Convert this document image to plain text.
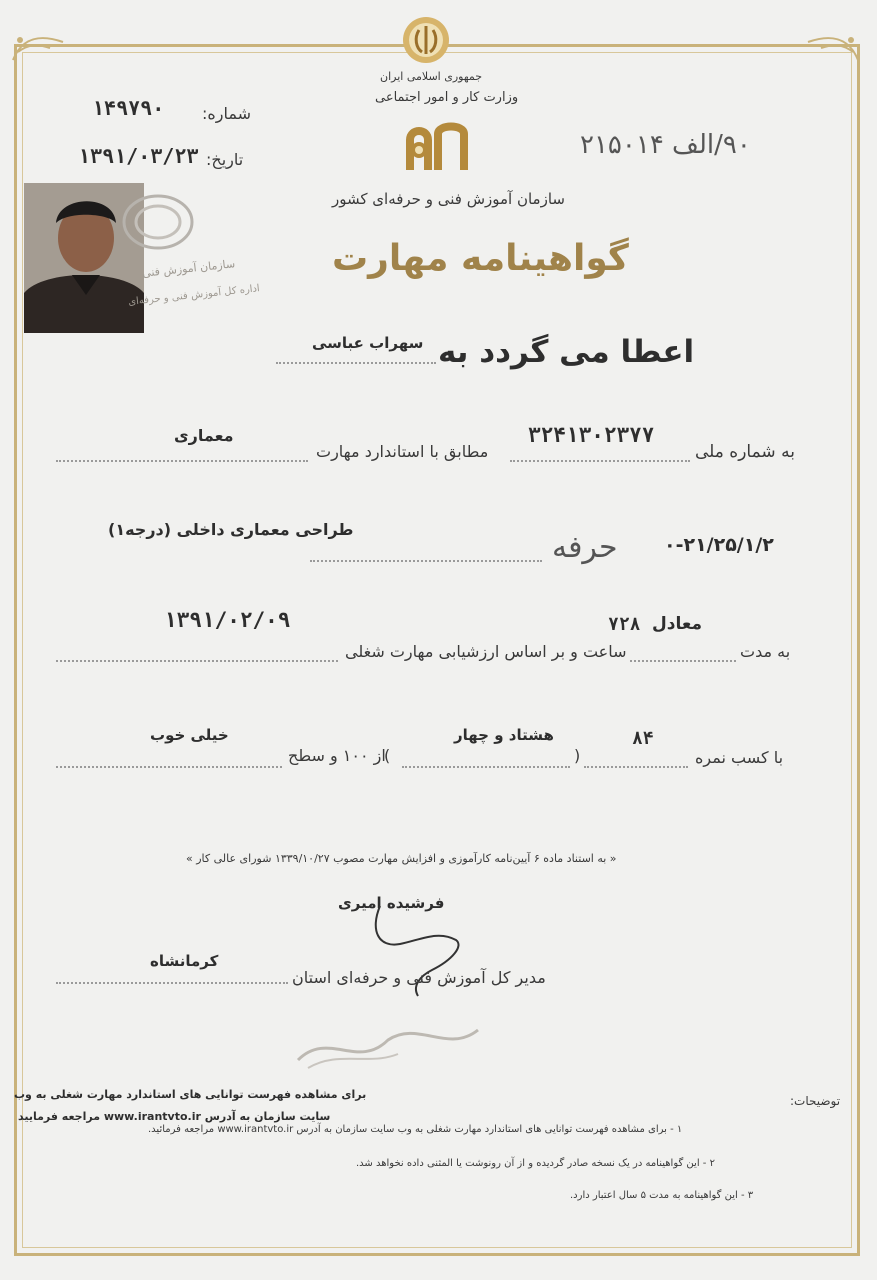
جمهوری اسلامی ایران
وزارت کار و امور اجتماعی
سازمان آموزش فنی و حرفه‌ای کشور
۹۰/الف ۲۱۵۰۱۴
شماره:
۱۴۹۷۹۰
تاریخ:
۱۳۹۱/۰۳/۲۳
سازمان آموزش فنی
اداره کل آموزش فنی و حرفه‌ای
گواهینامه مهارت
اعطا می گردد به
سهراب عباسی
به شماره ملی
۳۲۴۱۳۰۲۳۷۷
مطابق با استاندارد مهارت
معماری
۰-۲۱/۲۵/۱/۲
حرفه
طراحی معماری داخلی (درجه۱)
معادل
۷۲۸
۱۳۹۱/۰۲/۰۹
به مدت
ساعت و بر اساس ارزشیابی مهارت شغلی
۸۴
هشتاد و چهار
خیلی خوب
با کسب نمره
(
)
از ۱۰۰ و سطح
« به استناد ماده ۶ آیین‌نامه کارآموزی و افزایش مهارت مصوب ۱۳۳۹/۱۰/۲۷ شورای عالی کار »
فرشیده امیری
کرمانشاه
مدیر کل آموزش فنی و حرفه‌ای استان
برای مشاهده فهرست توانایی های استاندارد مهارت شغلی به وب
سایت سازمان به آدرس www.irantvto.ir مراجعه فرمایید
توضیحات:
۱ - برای مشاهده فهرست توانایی های استاندارد مهارت شغلی به وب سایت سازمان به آدرس www.irantvto.ir مراجعه فرمائید.
۲ - این گواهینامه در یک نسخه صادر گردیده و از آن رونوشت یا المثنی داده نخواهد شد.
۳ - این گواهینامه به مدت ۵ سال اعتبار دارد.
